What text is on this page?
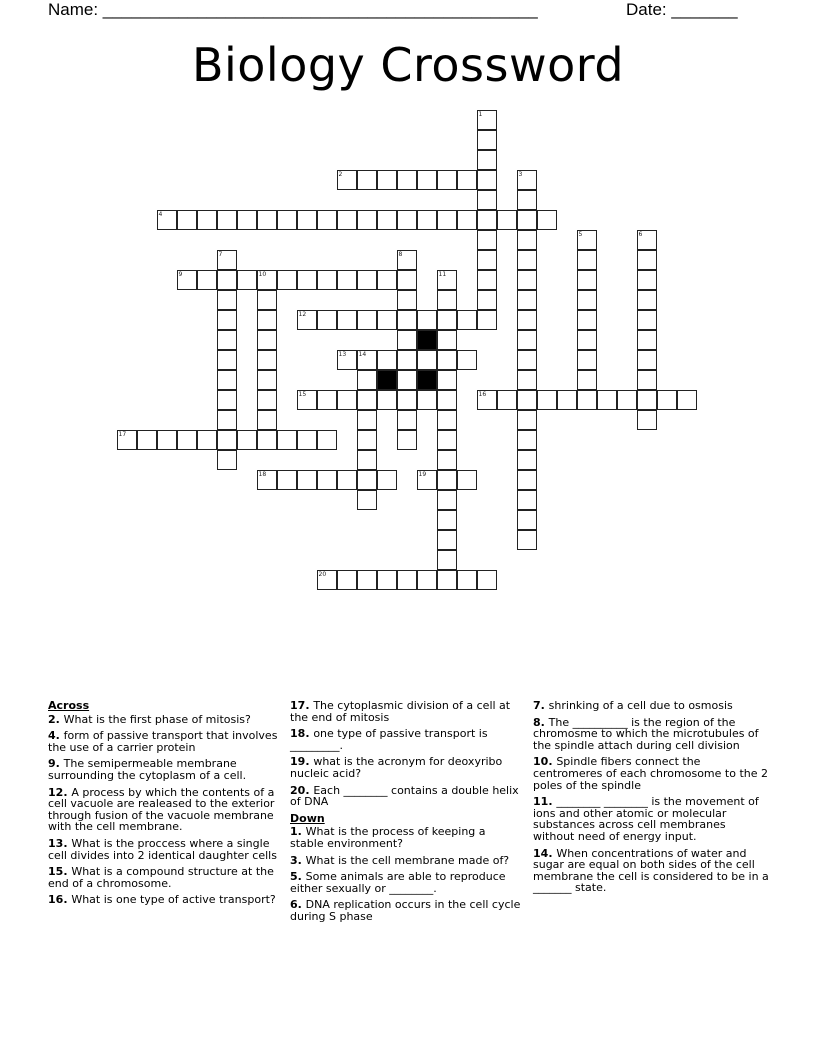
Name: ______________________________________________	Date: _______
Biology Crossword
2
4
9	10
12
13 14
15	16
17
18	19
20
1
3
5	6
7	8
11
Across
2. What is the first phase of mitosis?
4. form of passive transport that involves the use of a carrier protein
9. The semipermeable membrane surrounding the cytoplasm of a cell.
12. A process by which the contents of a cell vacuole are realeased to the exterior through fusion of the vacuole membrane with the cell membrane.
13. What is the proccess where a single cell divides into 2 identical daughter cells
15. What is a compound structure at the end of a chromosome.
16. What is one type of active transport?
17. The cytoplasmic division of a cell at the end of mitosis
18. one type of passive transport is _________.
19. what is the acronym for deoxyribo nucleic acid?
20. Each ________ contains a double helix of DNA
Down
1. What is the process of keeping a stable environment?
3. What is the cell membrane made of?
5. Some animals are able to reproduce either sexually or ________.
6. DNA replication occurs in the cell cycle during S phase
7. shrinking of a cell due to osmosis
8. The __________ is the region of the chromosme to which the microtubules of the spindle attach during cell division
10. Spindle fibers connect the centromeres of each chromosome to the 2 poles of the spindle
11. ________ ________ is the movement of ions and other atomic or molecular substances across cell membranes without need of energy input.
14. When concentrations of water and sugar are equal on both sides of the cell membrane the cell is considered to be in a _______ state.
